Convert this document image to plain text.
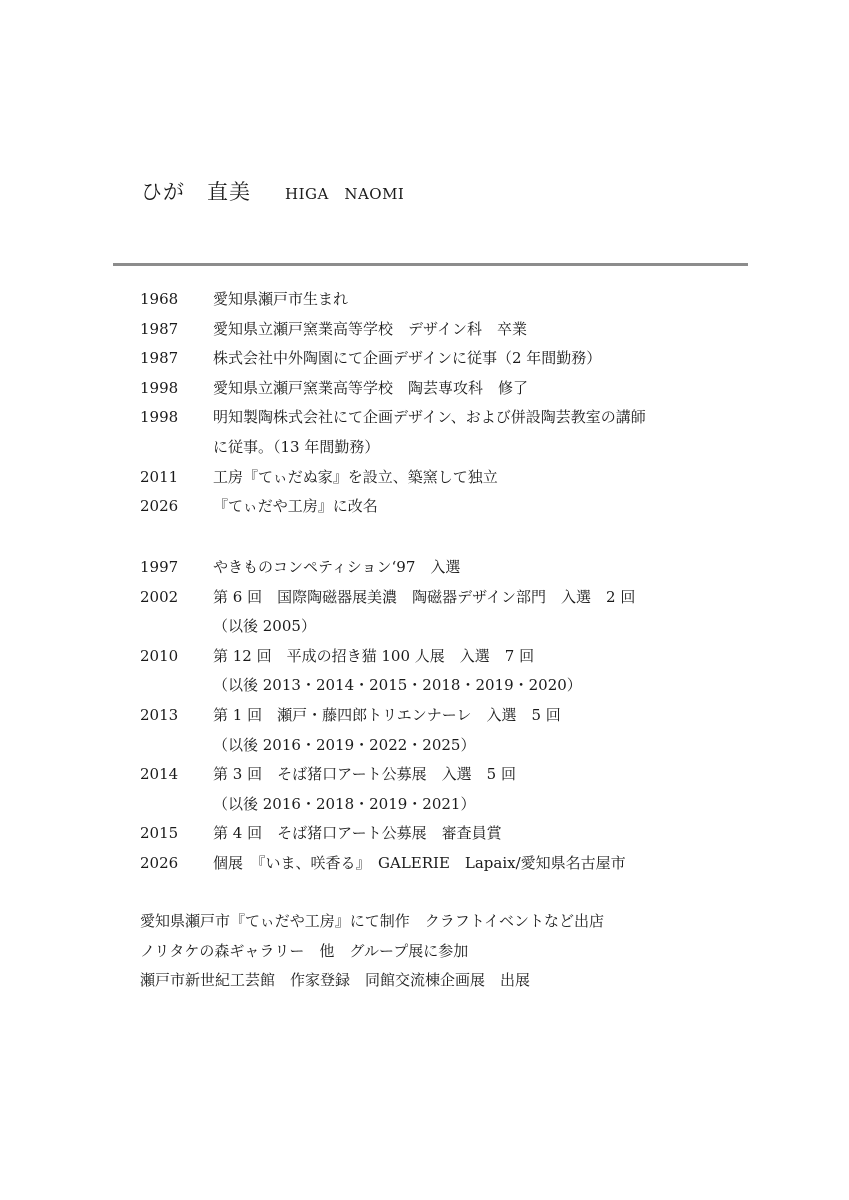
ひが　直美 HIGA　NAOMI
1968	愛知県瀬戸市生まれ
1987	愛知県立瀬戸窯業高等学校　デザイン科　卒業
1987	株式会社中外陶園にて企画デザインに従事（2 年間勤務）
1998	愛知県立瀬戸窯業高等学校　陶芸専攻科　修了
1998	明知製陶株式会社にて企画デザイン、および併設陶芸教室の講師
に従事。（13 年間勤務）
2011	工房『てぃだぬ家』を設立、築窯して独立
2026	『てぃだや工房』に改名
1997	やきものコンペティション‘97　入選
2002	第 6 回　国際陶磁器展美濃　陶磁器デザイン部門　入選　2 回
（以後 2005）
2010	第 12 回　平成の招き猫 100 人展　入選　7 回
（以後 2013・2014・2015・2018・2019・2020）
2013	第 1 回　瀬戸・藤四郎トリエンナーレ　入選　5 回
（以後 2016・2019・2022・2025）
2014	第 3 回　そば猪口アート公募展　入選　5 回
（以後 2016・2018・2019・2021）
2015	第 4 回　そば猪口アート公募展　審査員賞
2026	個展　『いま、咲香る』　GALERIE　Lapaix/愛知県名古屋市
愛知県瀬戸市『てぃだや工房』にて制作　クラフトイベントなど出店
ノリタケの森ギャラリー　他　グループ展に参加
瀬戸市新世紀工芸館　作家登録　同館交流棟企画展　出展
